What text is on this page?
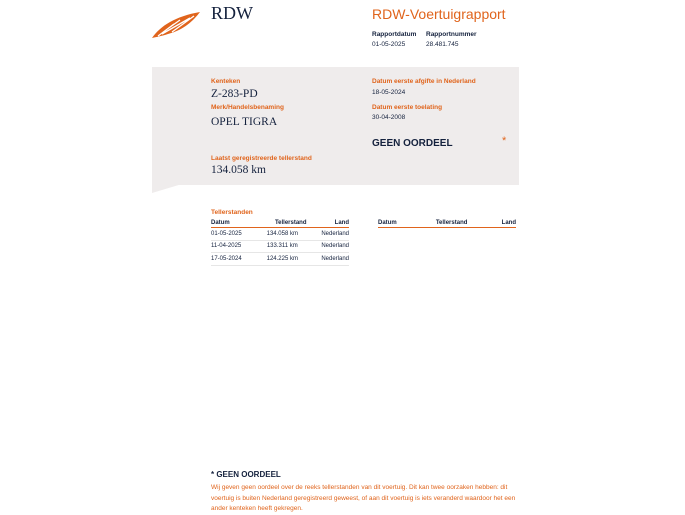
RDW	RDW-Voertuigrapport
Rapportdatum
01-05-2025
Rapportnummer
28.481.745
Kenteken
Z-283-PD
Merk/Handelsbenaming
OPEL TIGRA
Laatst geregistreerde tellerstand
134.058 km
Datum eerste afgifte in Nederland
18-05-2024
Datum eerste toelating
30-04-2008
GEEN OORDEEL	*
Tellerstanden
Datum	Tellerstand	Land
01-05-2025	134.058 km	Nederland
11-04-2025	133.311 km	Nederland
17-05-2024	124.225 km	Nederland
Datum	Tellerstand	Land
* GEEN OORDEEL
Wij geven geen oordeel over de reeks tellerstanden van dit voertuig. Dit kan twee oorzaken hebben: dit voertuig is buiten Nederland geregistreerd geweest, of aan dit voertuig is iets veranderd waardoor het een ander kenteken heeft gekregen.
